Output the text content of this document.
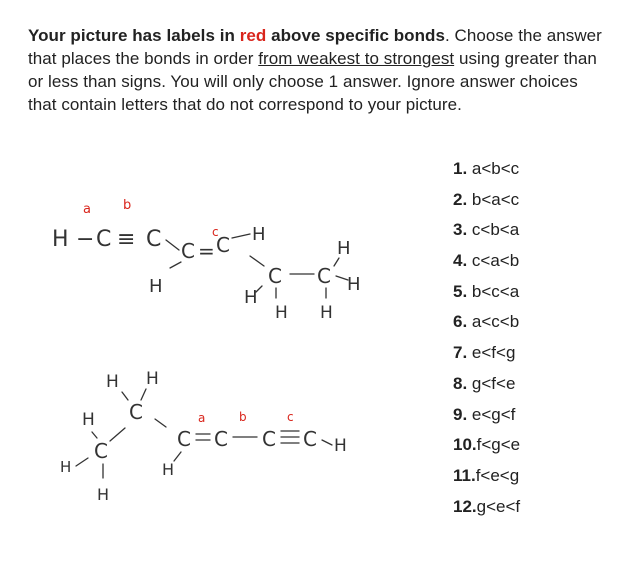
Your picture has labels in red above specific bonds. Choose the answer that places the bonds in order from weakest to strongest using greater than or less than signs. You will only choose 1 answer. Ignore answer choices that contain letters that do not correspond to your picture.
1. a<b<c
2. b<a<c
3. c<b<a
4. c<a<b
5. b<c<a
6. a<c<b
7. e<f<g
8. g<f<e
9. e<g<f
10.f<g<e
11.f<e<g
12.g<e<f
a b
c
H − C ≡ C C = C H
H	C C
H
H
H
H
H
H H
C
H
C
H
H
a	b	c
C C C C H
H
